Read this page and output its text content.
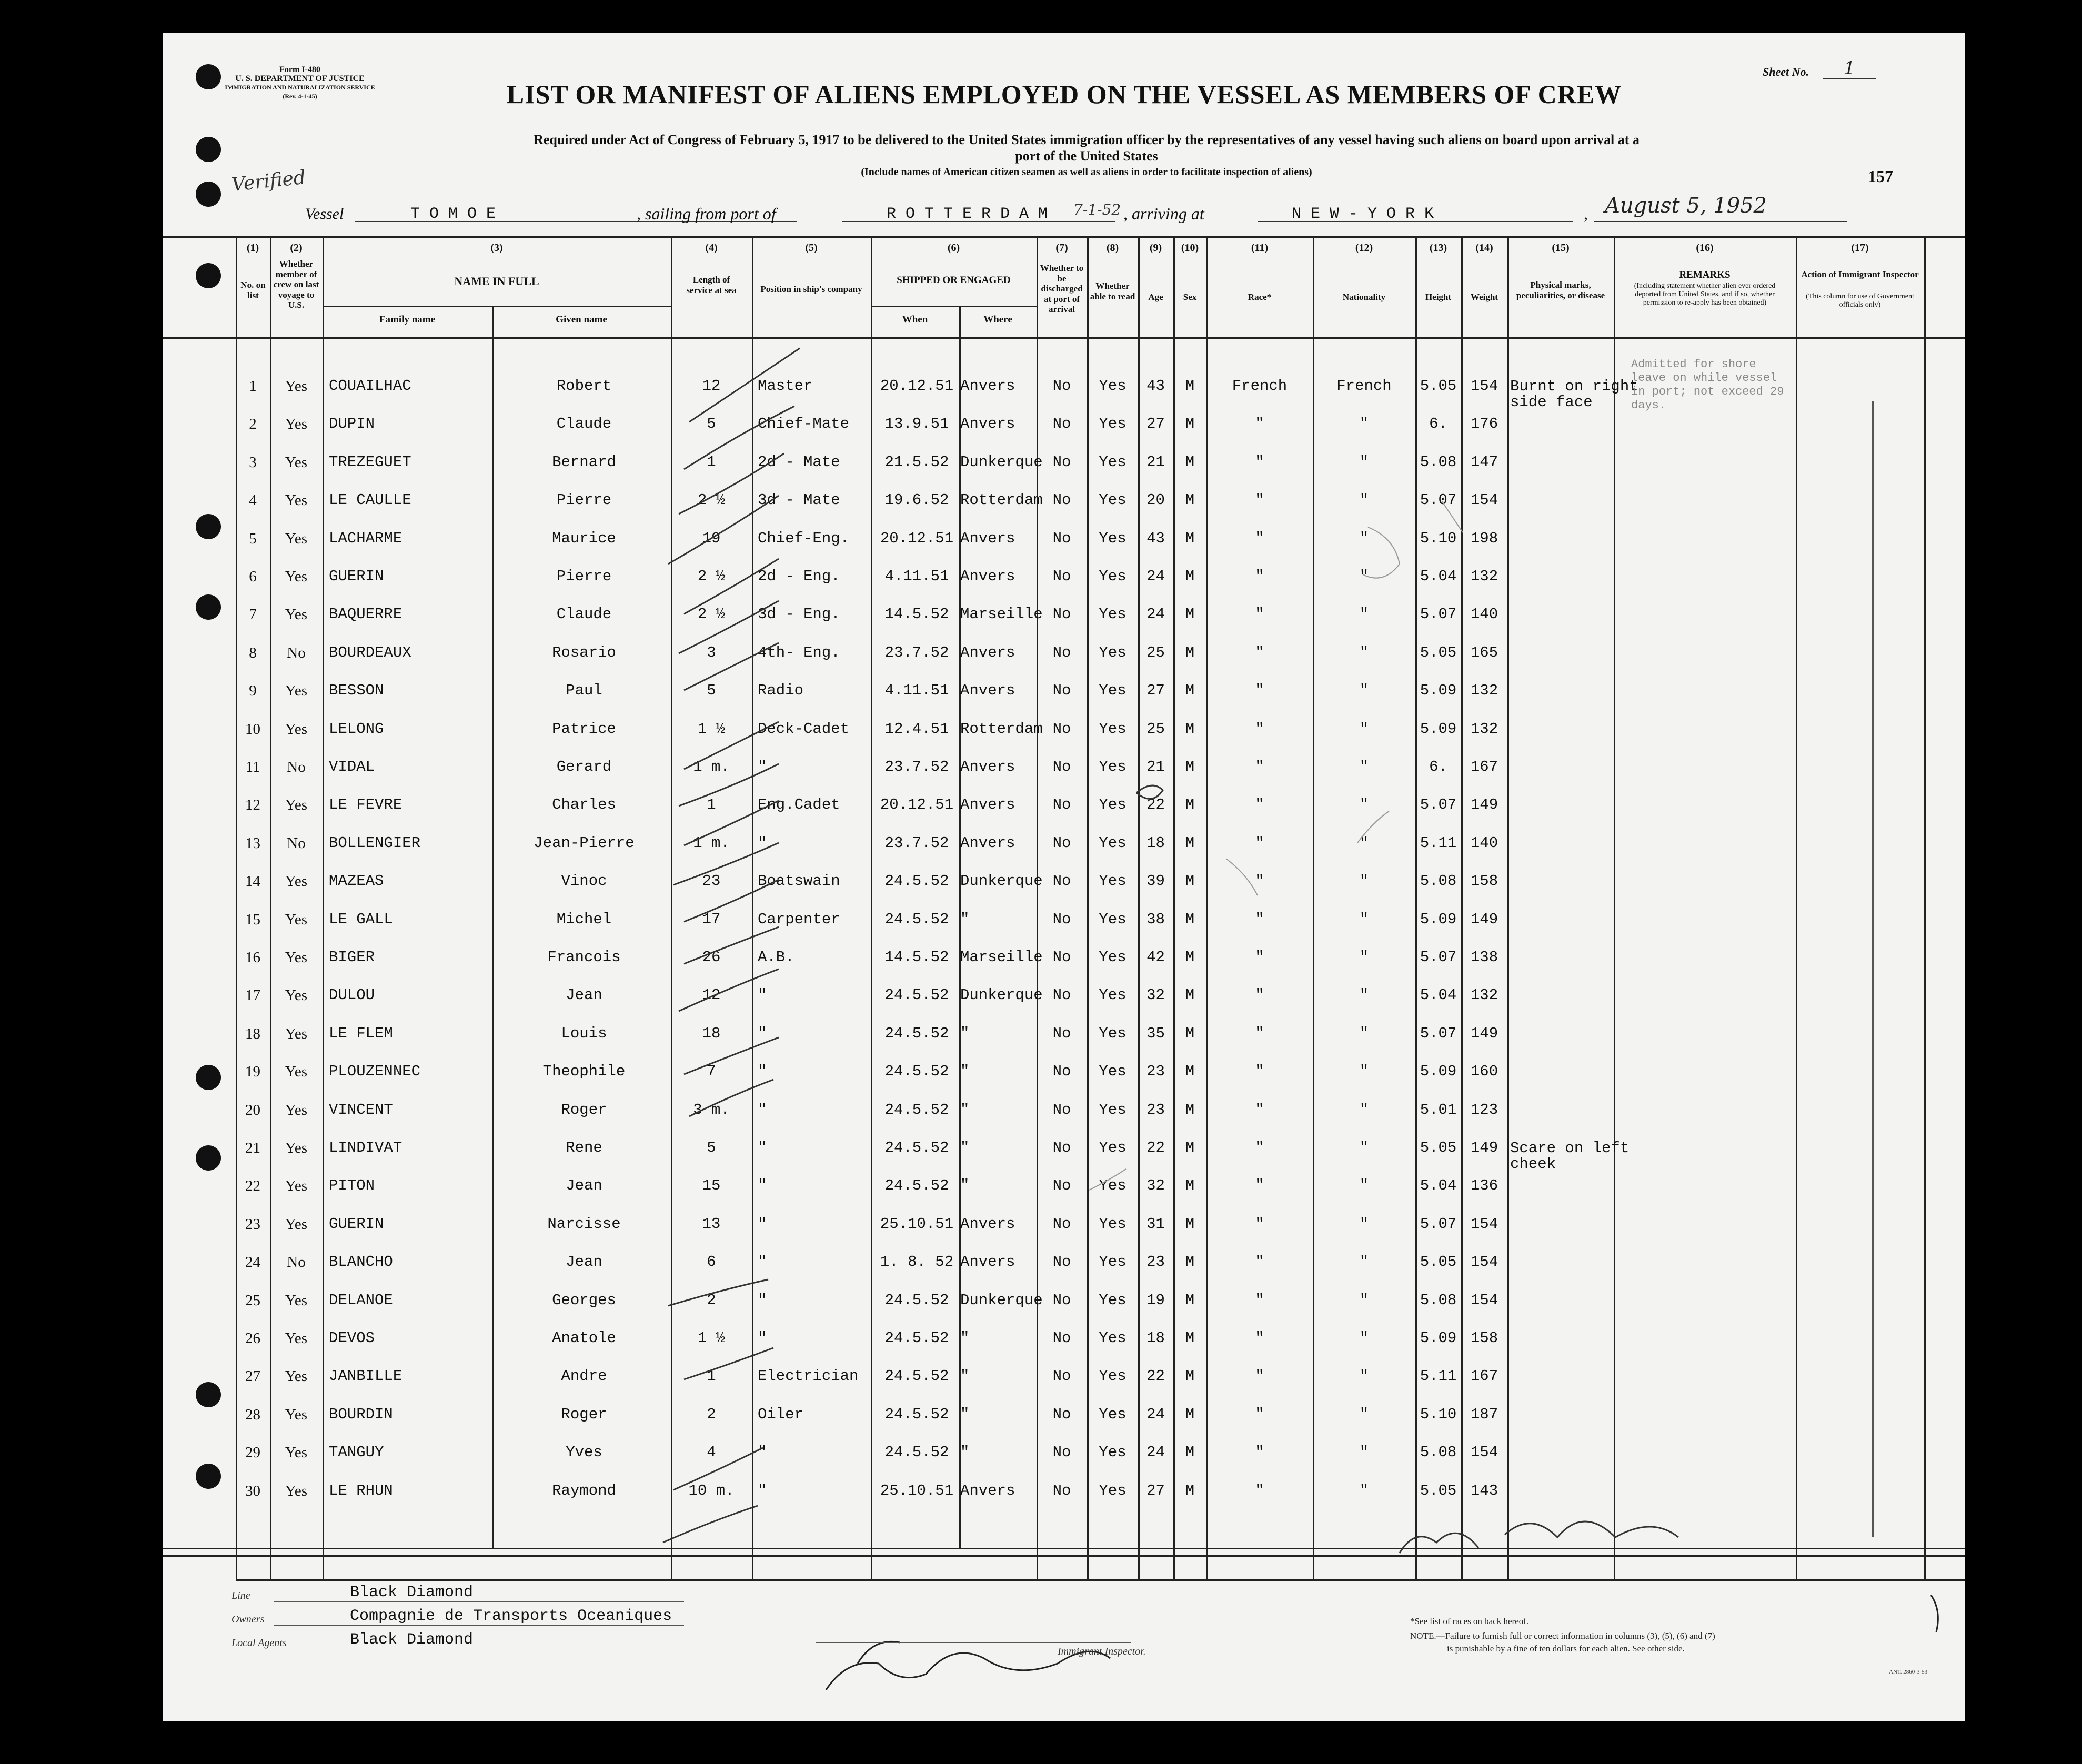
Form I-480
U. S. DEPARTMENT OF JUSTICE
IMMIGRATION AND NATURALIZATION SERVICE
(Rev. 4-1-45)
Sheet No.	1
LIST OR MANIFEST OF ALIENS EMPLOYED ON THE VESSEL AS MEMBERS OF CREW
Required under Act of Congress of February 5, 1917 to be delivered to the United States immigration officer by the representatives of any vessel having such aliens on board upon arrival at a
port of the United States
(Include names of American citizen seamen as well as aliens in order to facilitate inspection of aliens)	157
Verified
Vessel	T O M O E	, sailing from port of	R O T T E R D A M 7-1-52 , arriving at	N E W - Y O R K	, August 5, 1952
(1)
No. on list
(2)
Whether member of crew on last voyage to U.S.
(3)
NAME IN FULL
Family name	Given name
(4)
Length of service at sea
(5)
Position in ship's company
(6)
SHIPPED OR ENGAGED
When	Where
(7)
Whether to be discharged at port of arrival
(8)
Whether able to read
(9)
Age
(10)
Sex
(11)
Race*
(12)
Nationality
(13)
Height
(14)
Weight
(15)
Physical marks, peculiarities, or disease
(16)
REMARKS
(Including statement whether alien ever ordered deported from United States, and if so, whether permission to re-apply has been obtained)
(17)
Action of Immigrant Inspector
(This column for use of Government officials only)
1	Yes	COUAILHAC	Robert	12	Master	20.12.51 Anvers	No	Yes	43	M	French	French	5.05 154 Burnt on right side face
2	Yes	DUPIN	Claude	5	Chief-Mate	13.9.51 Anvers	No	Yes	27	M	"	"	6.	176
3	Yes	TREZEGUET	Bernard	1	2d - Mate	21.5.52 Dunkerque No	Yes	21	M	"	"	5.08 147
4	Yes	LE CAULLE	Pierre	2 ½	3d - Mate	19.6.52 Rotterdam No	Yes	20	M	"	"	5.07 154
5	Yes	LACHARME	Maurice	19	Chief-Eng.	20.12.51 Anvers	No	Yes	43	M	"	"	5.10 198
6	Yes	GUERIN	Pierre	2 ½	2d - Eng.	4.11.51 Anvers	No	Yes	24	M	"	"	5.04 132
7	Yes	BAQUERRE	Claude	2 ½	3d - Eng.	14.5.52 Marseille No	Yes	24	M	"	"	5.07 140
8	No	BOURDEAUX	Rosario	3	4th- Eng.	23.7.52 Anvers	No	Yes	25	M	"	"	5.05 165
9	Yes	BESSON	Paul	5	Radio	4.11.51 Anvers	No	Yes	27	M	"	"	5.09 132
10	Yes	LELONG	Patrice	1 ½	Deck-Cadet	12.4.51 Rotterdam No	Yes	25	M	"	"	5.09 132
11	No	VIDAL	Gerard	1 m.	"	23.7.52 Anvers	No	Yes	21	M	"	"	6.	167
12	Yes	LE FEVRE	Charles	1	Eng.Cadet	20.12.51 Anvers	No	Yes	22	M	"	"	5.07 149
13	No	BOLLENGIER	Jean-Pierre	1 m.	"	23.7.52 Anvers	No	Yes	18	M	"	"	5.11 140
14	Yes	MAZEAS	Vinoc	23	Boatswain	24.5.52 Dunkerque No	Yes	39	M	"	"	5.08 158
15	Yes	LE GALL	Michel	17	Carpenter	24.5.52 "	No	Yes	38	M	"	"	5.09 149
16	Yes	BIGER	Francois	26	A.B.	14.5.52 Marseille No	Yes	42	M	"	"	5.07 138
17	Yes	DULOU	Jean	12	"	24.5.52 Dunkerque No	Yes	32	M	"	"	5.04 132
18	Yes	LE FLEM	Louis	18	"	24.5.52 "	No	Yes	35	M	"	"	5.07 149
19	Yes	PLOUZENNEC	Theophile	7	"	24.5.52 "	No	Yes	23	M	"	"	5.09 160
20	Yes	VINCENT	Roger	3 m.	"	24.5.52 "	No	Yes	23	M	"	"	5.01 123
21	Yes	LINDIVAT	Rene	5	"	24.5.52 "	No	Yes	22	M	"	"	5.05 149 Scare on left cheek
22	Yes	PITON	Jean	15	"	24.5.52 "	No	Yes	32	M	"	"	5.04 136
23	Yes	GUERIN	Narcisse	13	"	25.10.51 Anvers	No	Yes	31	M	"	"	5.07 154
24	No	BLANCHO	Jean	6	"	1. 8. 52 Anvers	No	Yes	23	M	"	"	5.05 154
25	Yes	DELANOE	Georges	2	"	24.5.52 Dunkerque No	Yes	19	M	"	"	5.08 154
26	Yes	DEVOS	Anatole	1 ½	"	24.5.52 "	No	Yes	18	M	"	"	5.09 158
27	Yes	JANBILLE	Andre	1	Electrician	24.5.52 "	No	Yes	22	M	"	"	5.11 167
28	Yes	BOURDIN	Roger	2	Oiler	24.5.52 "	No	Yes	24	M	"	"	5.10 187
29	Yes	TANGUY	Yves	4	"	24.5.52 "	No	Yes	24	M	"	"	5.08 154
30	Yes	LE RHUN	Raymond	10 m.	"	25.10.51 Anvers	No	Yes	27	M	"	"	5.05 143
Admitted for shore leave on while vessel in port; not exceed 29 days.
Line	Black Diamond
Owners	Compagnie de Transports Oceaniques
Local Agents	Black Diamond
Immigrant Inspector.
*See list of races on back hereof.
NOTE.—Failure to furnish full or correct information in columns (3), (5), (6) and (7)
is punishable by a fine of ten dollars for each alien. See other side.
ANT. 2860-3-53
